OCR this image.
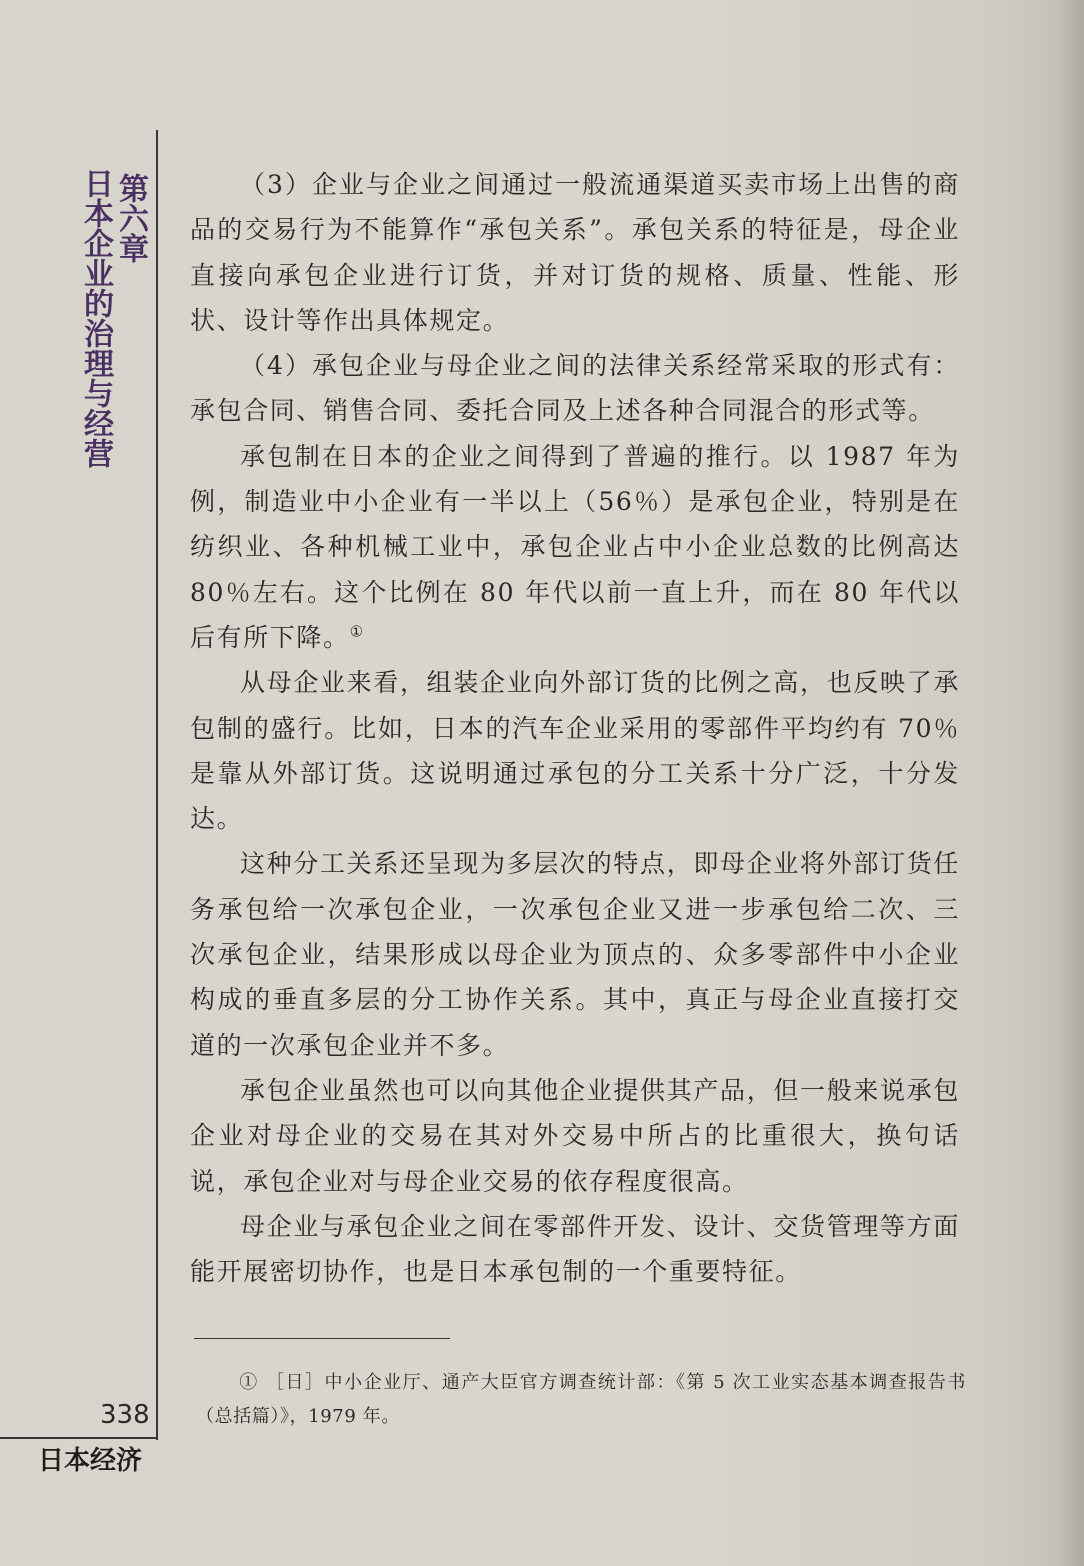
第六章
日本企业的治理与经营	（3）企业与企业之间通过一般流通渠道买卖市场上出售的商品的交易行为不能算作“承包关系”。承包关系的特征是，母企业直接向承包企业进行订货，并对订货的规格、质量、性能、形状、设计等作出具体规定。

（4）承包企业与母企业之间的法律关系经常采取的形式有：承包合同、销售合同、委托合同及上述各种合同混合的形式等。

承包制在日本的企业之间得到了普遍的推行。以 1987 年为例，制造业中小企业有一半以上（56％）是承包企业，特别是在纺织业、各种机械工业中，承包企业占中小企业总数的比例高达 80％左右。这个比例在 80 年代以前一直上升，而在 80 年代以后有所下降。①

从母企业来看，组装企业向外部订货的比例之高，也反映了承包制的盛行。比如，日本的汽车企业采用的零部件平均约有 70％是靠从外部订货。这说明通过承包的分工关系十分广泛，十分发达。

这种分工关系还呈现为多层次的特点，即母企业将外部订货任务承包给一次承包企业，一次承包企业又进一步承包给二次、三次承包企业，结果形成以母企业为顶点的、众多零部件中小企业构成的垂直多层的分工协作关系。其中，真正与母企业直接打交道的一次承包企业并不多。

承包企业虽然也可以向其他企业提供其产品，但一般来说承包企业对母企业的交易在其对外交易中所占的比重很大，换句话说，承包企业对与母企业交易的依存程度很高。

母企业与承包企业之间在零部件开发、设计、交货管理等方面能开展密切协作，也是日本承包制的一个重要特征。

① ［日］中小企业厅、通产大臣官方调查统计部：《第 5 次工业实态基本调查报告书（总括篇）》，1979 年。

338
日本经济
